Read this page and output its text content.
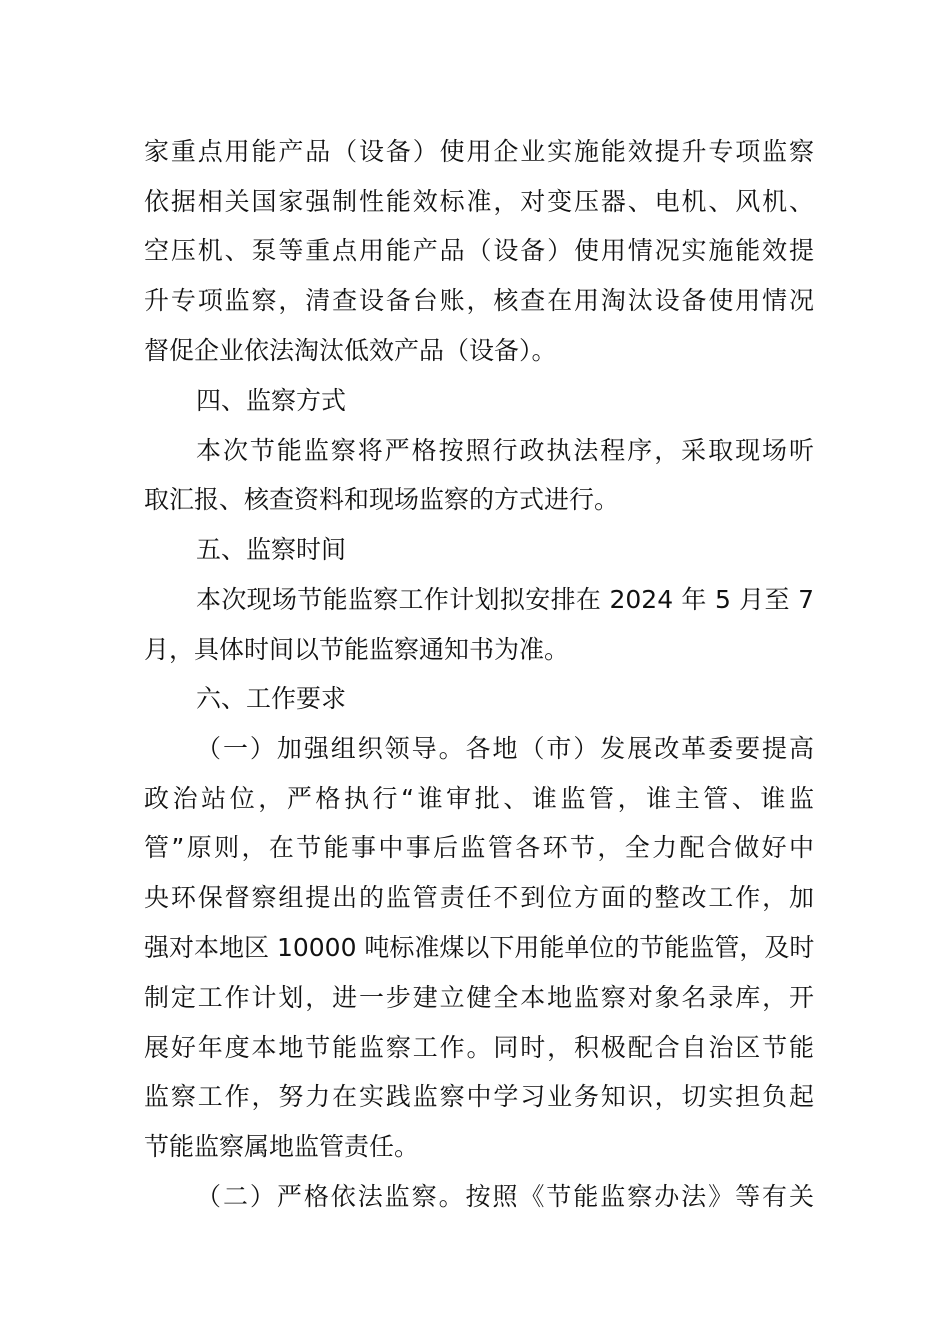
家重点用能产品（设备）使用企业实施能效提升专项监察
依据相关国家强制性能效标准，对变压器、电机、风机、
空压机、泵等重点用能产品（设备）使用情况实施能效提
升专项监察，清查设备台账，核查在用淘汰设备使用情况
督促企业依法淘汰低效产品（设备）。
四、监察方式
本次节能监察将严格按照行政执法程序，采取现场听
取汇报、核查资料和现场监察的方式进行。
五、监察时间
本次现场节能监察工作计划拟安排在 2024 年 5 月至 7
月，具体时间以节能监察通知书为准。
六、工作要求
（一）加强组织领导。各地（市）发展改革委要提高
政治站位，严格执行“谁审批、谁监管，谁主管、谁监
管”原则，在节能事中事后监管各环节，全力配合做好中
央环保督察组提出的监管责任不到位方面的整改工作，加
强对本地区 10000 吨标准煤以下用能单位的节能监管，及时
制定工作计划，进一步建立健全本地监察对象名录库，开
展好年度本地节能监察工作。同时，积极配合自治区节能
监察工作，努力在实践监察中学习业务知识，切实担负起
节能监察属地监管责任。
（二）严格依法监察。按照《节能监察办法》等有关
